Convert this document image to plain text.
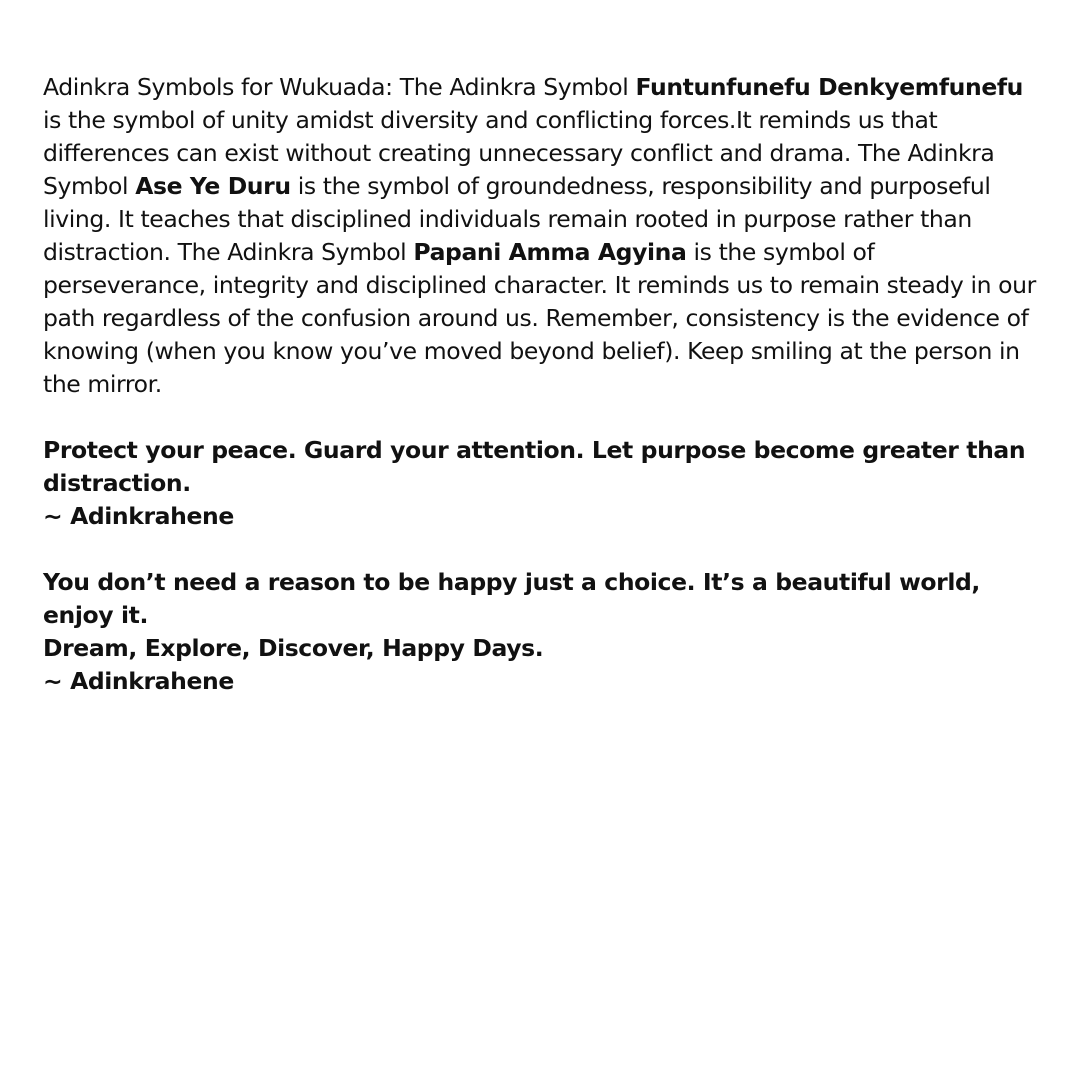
Adinkra Symbols for Wukuada: The Adinkra Symbol Funtunfunefu Denkyemfunefu is the symbol of unity amidst diversity and conflicting forces.It reminds us that differences can exist without creating unnecessary conflict and drama. The Adinkra Symbol Ase Ye Duru is the symbol of groundedness, responsibility and purposeful living. It teaches that disciplined individuals remain rooted in purpose rather than distraction. The Adinkra Symbol Papani Amma Agyina is the symbol of perseverance, integrity and disciplined character. It reminds us to remain steady in our path regardless of the confusion around us. Remember, consistency is the evidence of knowing (when you know you’ve moved beyond belief). Keep smiling at the person in the mirror.

Protect your peace. Guard your attention. Let purpose become greater than distraction.
~ Adinkrahene

You don’t need a reason to be happy just a choice. It’s a beautiful world, enjoy it.
Dream, Explore, Discover, Happy Days.
~ Adinkrahene
